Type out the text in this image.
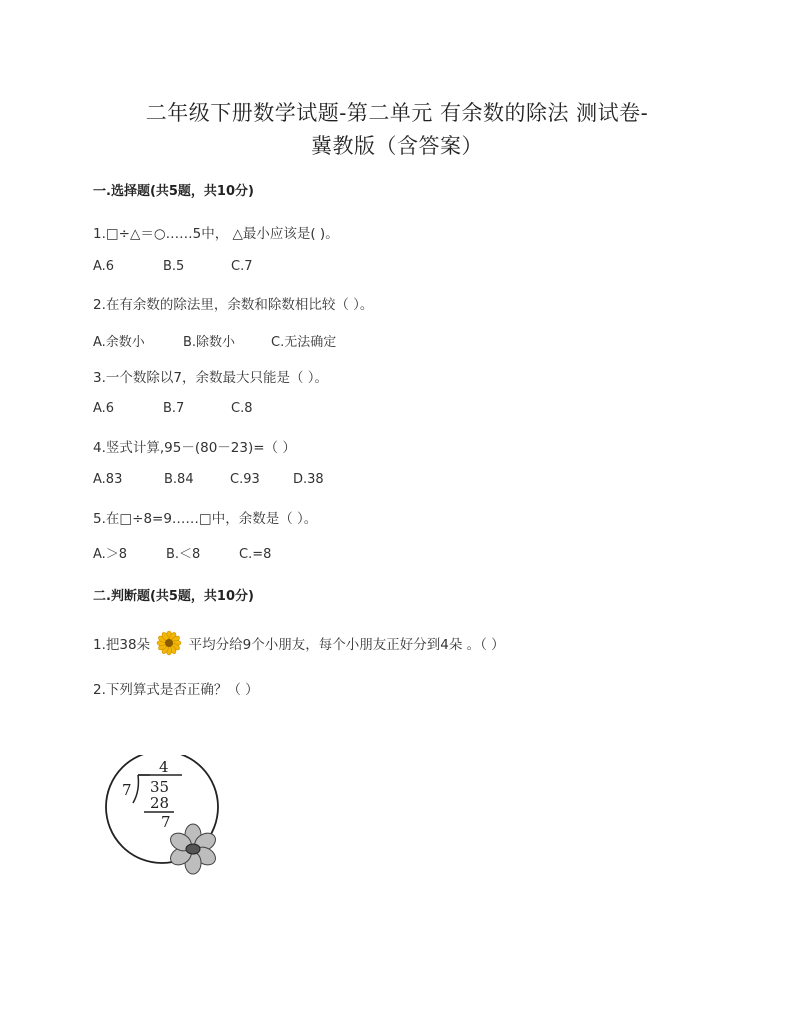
二年级下册数学试题-第二单元 有余数的除法 测试卷-
冀教版（含答案）
一.选择题(共5题，共10分)
1.□÷△＝○……5中， △最小应该是( )。
A.6	B.5	C.7
2.在有余数的除法里，余数和除数相比较（ ）。
A.余数小	B.除数小	C.无法确定
3.一个数除以7，余数最大只能是（ ）。
A.6	B.7	C.8
4.竖式计算,95－(80－23)=（ ）
A.83	B.84	C.93	D.38
5.在□÷8=9……□中，余数是（ ）。
A.＞8	B.＜8	C.=8
二.判断题(共5题，共10分)
1.把38朵	平均分给9个小朋友，每个小朋友正好分到4朵 。（ ）
2.下列算式是否正确？（ ）
4
7 35
28
7
